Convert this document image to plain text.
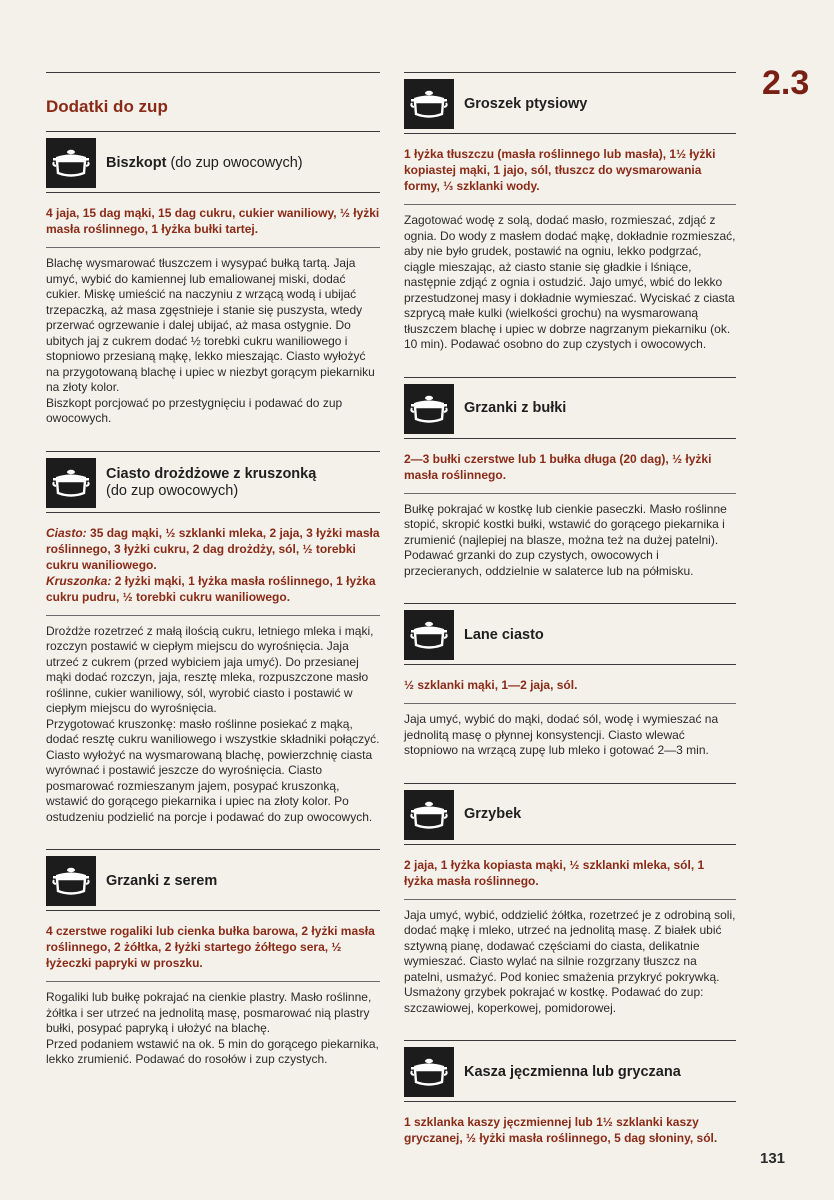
2.3
Dodatki do zup
Biszkopt (do zup owocowych)

4 jaja, 15 dag mąki, 15 dag cukru, cukier waniliowy, ½ łyżki masła roślinnego, 1 łyżka bułki tartej.

Blachę wysmarować tłuszczem i wysypać bułką tartą. Jaja umyć, wybić do kamiennej lub emaliowanej miski, dodać cukier. Miskę umieścić na naczyniu z wrzącą wodą i ubijać trzepaczką, aż masa zgęstnieje i stanie się puszysta, wtedy przerwać ogrzewanie i dalej ubijać, aż masa ostygnie. Do ubitych jaj z cukrem dodać ½ torebki cukru waniliowego i stopniowo przesianą mąkę, lekko mieszając. Ciasto wyłożyć na przygotowaną blachę i upiec w niezbyt gorącym piekarniku na złoty kolor.
Biszkopt porcjować po przestygnięciu i podawać do zup owocowych.

Ciasto drożdżowe z kruszonką
(do zup owocowych)

Ciasto: 35 dag mąki, ½ szklanki mleka, 2 jaja, 3 łyżki masła roślinnego, 3 łyżki cukru, 2 dag drożdży, sól, ½ torebki cukru waniliowego.
Kruszonka: 2 łyżki mąki, 1 łyżka masła roślinnego, 1 łyżka cukru pudru, ½ torebki cukru waniliowego.

Drożdże rozetrzeć z małą ilością cukru, letniego mleka i mąki, rozczyn postawić w ciepłym miejscu do wyrośnięcia. Jaja utrzeć z cukrem (przed wybiciem jaja umyć). Do przesianej mąki dodać rozczyn, jaja, resztę mleka, rozpuszczone masło roślinne, cukier waniliowy, sól, wyrobić ciasto i postawić w ciepłym miejscu do wyrośnięcia.
Przygotować kruszonkę: masło roślinne posiekać z mąką, dodać resztę cukru waniliowego i wszystkie składniki połączyć. Ciasto wyłożyć na wysmarowaną blachę, powierzchnię ciasta wyrównać i postawić jeszcze do wyrośnięcia. Ciasto posmarować rozmieszanym jajem, posypać kruszonką, wstawić do gorącego piekarnika i upiec na złoty kolor. Po ostudzeniu podzielić na porcje i podawać do zup owocowych.

Grzanki z serem

4 czerstwe rogaliki lub cienka bułka barowa, 2 łyżki masła roślinnego, 2 żółtka, 2 łyżki startego żółtego sera, ½ łyżeczki papryki w proszku.

Rogaliki lub bułkę pokrajać na cienkie plastry. Masło roślinne, żółtka i ser utrzeć na jednolitą masę, posmarować nią plastry bułki, posypać papryką i ułożyć na blachę.
Przed podaniem wstawić na ok. 5 min do gorącego piekarnika, lekko zrumienić. Podawać do rosołów i zup czystych.

Groszek ptysiowy

1 łyżka tłuszczu (masła roślinnego lub masła), 1½ łyżki kopiastej mąki, 1 jajo, sól, tłuszcz do wysmarowania formy, ⅓ szklanki wody.

Zagotować wodę z solą, dodać masło, rozmieszać, zdjąć z ognia. Do wody z masłem dodać mąkę, dokładnie rozmieszać, aby nie było grudek, postawić na ogniu, lekko podgrzać, ciągle mieszając, aż ciasto stanie się gładkie i lśniące, następnie zdjąć z ognia i ostudzić. Jajo umyć, wbić do lekko przestudzonej masy i dokładnie wymieszać. Wyciskać z ciasta szprycą małe kulki (wielkości grochu) na wysmarowaną tłuszczem blachę i upiec w dobrze nagrzanym piekarniku (ok. 10 min). Podawać osobno do zup czystych i owocowych.

Grzanki z bułki

2—3 bułki czerstwe lub 1 bułka długa (20 dag), ½ łyżki masła roślinnego.

Bułkę pokrajać w kostkę lub cienkie paseczki. Masło roślinne stopić, skropić kostki bułki, wstawić do gorącego piekarnika i zrumienić (najlepiej na blasze, można też na dużej patelni). Podawać grzanki do zup czystych, owocowych i przecieranych, oddzielnie w salaterce lub na półmisku.

Lane ciasto

½ szklanki mąki, 1—2 jaja, sól.

Jaja umyć, wybić do mąki, dodać sól, wodę i wymieszać na jednolitą masę o płynnej konsystencji. Ciasto wlewać stopniowo na wrzącą zupę lub mleko i gotować 2—3 min.

Grzybek

2 jaja, 1 łyżka kopiasta mąki, ½ szklanki mleka, sól, 1 łyżka masła roślinnego.

Jaja umyć, wybić, oddzielić żółtka, rozetrzeć je z odrobiną soli, dodać mąkę i mleko, utrzeć na jednolitą masę. Z białek ubić sztywną pianę, dodawać częściami do ciasta, delikatnie wymieszać. Ciasto wylać na silnie rozgrzany tłuszcz na patelni, usmażyć. Pod koniec smażenia przykryć pokrywką. Usmażony grzybek pokrajać w kostkę. Podawać do zup: szczawiowej, koperkowej, pomidorowej.

Kasza jęczmienna lub gryczana

1 szklanka kaszy jęczmiennej lub 1½ szklanki kaszy gryczanej, ½ łyżki masła roślinnego, 5 dag słoniny, sól.

131
